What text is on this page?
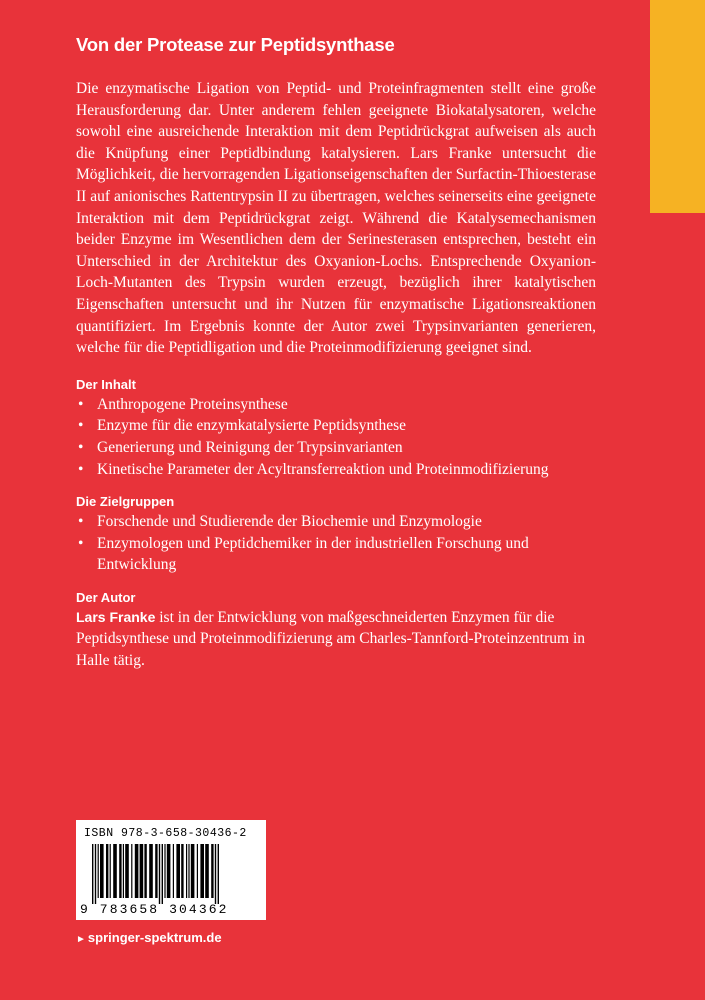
Von der Protease zur Peptidsynthase

Die enzymatische Ligation von Peptid- und Proteinfragmenten stellt eine große Herausforderung dar. Unter anderem fehlen geeignete Biokatalysatoren, welche sowohl eine ausreichende Interaktion mit dem Peptidrückgrat aufweisen als auch die Knüpfung einer Peptidbindung katalysieren. Lars Franke untersucht die Möglichkeit, die hervorragenden Ligationseigenschaften der Surfactin-Thioesterase II auf anionisches Rattentrypsin II zu übertragen, welches seinerseits eine geeignete Interaktion mit dem Peptidrückgrat zeigt. Während die Katalysemechanismen beider Enzyme im Wesentlichen dem der Serinesterasen entsprechen, besteht ein Unterschied in der Architektur des Oxyanion-Lochs. Entsprechende Oxyanion-Loch-Mutanten des Trypsin wurden erzeugt, bezüglich ihrer katalytischen Eigenschaften untersucht und ihr Nutzen für enzymatische Ligationsreaktionen quantifiziert. Im Ergebnis konnte der Autor zwei Trypsinvarianten generieren, welche für die Peptidligation und die Proteinmodifizierung geeignet sind.

Der Inhalt
• Anthropogene Proteinsynthese
• Enzyme für die enzymkatalysierte Peptidsynthese
• Generierung und Reinigung der Trypsinvarianten
• Kinetische Parameter der Acyltransferreaktion und Proteinmodifizierung
Die Zielgruppen
• Forschende und Studierende der Biochemie und Enzymologie
• Enzymologen und Peptidchemiker in der industriellen Forschung und Entwicklung
Der Autor

Lars Franke ist in der Entwicklung von maßgeschneiderten Enzymen für die Peptidsynthese und Proteinmodifizierung am Charles-Tannford-Proteinzentrum in Halle tätig.

ISBN 978-3-658-30436-2
9 783658 304362
► springer-spektrum.de
